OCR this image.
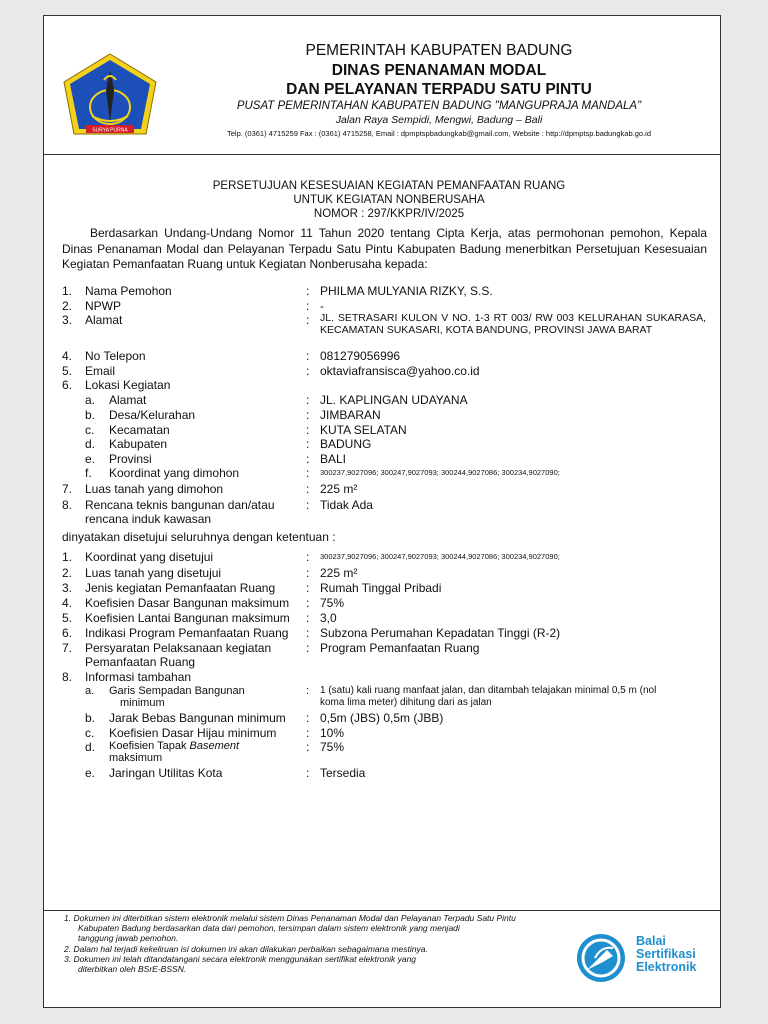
SURYA PURNA
PEMERINTAH KABUPATEN BADUNG
DINAS PENANAMAN MODAL
DAN PELAYANAN TERPADU SATU PINTU
PUSAT PEMERINTAHAN KABUPATEN BADUNG "MANGUPRAJA MANDALA"
Jalan Raya Sempidi, Mengwi, Badung – Bali
Telp. (0361) 4715259 Fax : (0361) 4715258, Email : dpmptspbadungkab@gmail.com, Website : http://dpmptsp.badungkab.go.id
PERSETUJUAN KESESUAIAN KEGIATAN PEMANFAATAN RUANG
UNTUK KEGIATAN NONBERUSAHA
NOMOR : 297/KKPR/IV/2025
Berdasarkan Undang-Undang Nomor 11 Tahun 2020 tentang Cipta Kerja, atas permohonan pemohon, Kepala Dinas Penanaman Modal dan Pelayanan Terpadu Satu Pintu Kabupaten Badung menerbitkan Persetujuan Kesesuaian Kegiatan Pemanfaatan Ruang untuk Kegiatan Nonberusaha kepada:
1. Nama Pemohon	: PHILMA MULYANIA RIZKY, S.S.
2. NPWP	: -
3. Alamat	: JL. SETRASARI KULON V NO. 1-3 RT 003/ RW 003 KELURAHAN SUKARASA, KECAMATAN SUKASARI, KOTA BANDUNG, PROVINSI JAWA BARAT
4. No Telepon	: 081279056996
5. Email	: oktaviafransisca@yahoo.co.id
6. Lokasi Kegiatan
a. Alamat	: JL. KAPLINGAN UDAYANA
b. Desa/Kelurahan	: JIMBARAN
c. Kecamatan	: KUTA SELATAN
d. Kabupaten	: BADUNG
e. Provinsi	: BALI
f. Koordinat yang dimohon	: 300237,9027096; 300247,9027093; 300244,9027086; 300234,9027090;
7. Luas tanah yang dimohon	: 225 m²
8. Rencana teknis bangunan dan/atau	: Tidak Ada
rencana induk kawasan
dinyatakan disetujui seluruhnya dengan ketentuan :
1. Koordinat yang disetujui	: 300237,9027096; 300247,9027093; 300244,9027086; 300234,9027090;
2. Luas tanah yang disetujui	: 225 m²
3. Jenis kegiatan Pemanfaatan Ruang	: Rumah Tinggal Pribadi
4. Koefisien Dasar Bangunan maksimum : 75%
5. Koefisien Lantai Bangunan maksimum : 3,0
6. Indikasi Program Pemanfaatan Ruang : Subzona Perumahan Kepadatan Tinggi (R-2)
7. Persyaratan Pelaksanaan kegiatan	: Program Pemanfaatan Ruang
Pemanfaatan Ruang
8. Informasi tambahan
a. Garis Sempadan Bangunan	: 1 (satu) kali ruang manfaat jalan, dan ditambah telajakan minimal 0,5 m (nol
minimum	koma lima meter) dihitung dari as jalan
b. Jarak Bebas Bangunan minimum : 0,5m (JBS) 0,5m (JBB)
c. Koefisien Dasar Hijau minimum : 10%
d. Koefisien Tapak Basement	: 75%
maksimum
e. Jaringan Utilitas Kota	: Tersedia
1. Dokumen ini diterbitkan sistem elektronik melalui sistem Dinas Penanaman Modal dan Pelayanan Terpadu Satu Pintu
Kabupaten Badung berdasarkan data dari pemohon, tersimpan dalam sistem elektronik yang menjadi
tanggung jawab pemohon.
2. Dalam hal terjadi kekeliruan isi dokumen ini akan dilakukan perbaikan sebagaimana mestinya.
3. Dokumen ini telah ditandatangani secara elektronik menggunakan sertifikat elektronik yang
diterbitkan oleh BSrE-BSSN.
Balai
Sertifikasi
Elektronik
